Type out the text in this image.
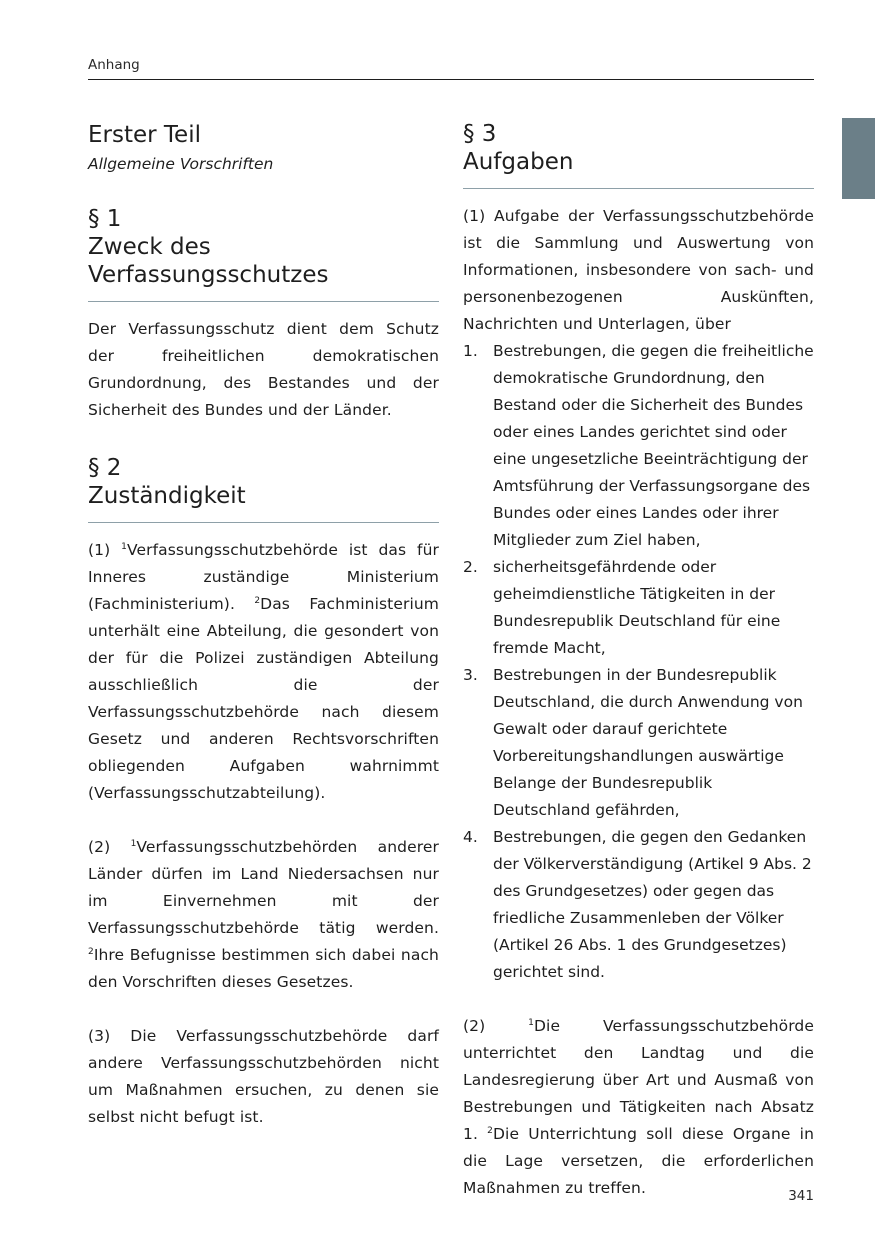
Anhang
Erster Teil

Allgemeine Vorschriften

§ 1
Zweck des Verfassungsschutzes

Der Verfassungsschutz dient dem Schutz der freiheitlichen demokratischen Grundordnung, des Bestandes und der Sicherheit des Bundes und der Länder.

§ 2
Zuständigkeit

(1) $^1$Verfassungsschutzbehörde ist das für Inneres zuständige Ministerium (Fachministerium). $^2$Das Fachministerium unterhält eine Abteilung, die gesondert von der für die Polizei zuständigen Abteilung ausschließlich die der Verfassungsschutzbehörde nach diesem Gesetz und anderen Rechtsvorschriften obliegenden Aufgaben wahrnimmt (Verfassungsschutzabteilung).

(2) $^1$Verfassungsschutzbehörden anderer Länder dürfen im Land Niedersachsen nur im Einvernehmen mit der Verfassungsschutzbehörde tätig werden. $^2$Ihre Befugnisse bestimmen sich dabei nach den Vorschriften dieses Gesetzes.

(3) Die Verfassungsschutzbehörde darf andere Verfassungsschutzbehörden nicht um Maßnahmen ersuchen, zu denen sie selbst nicht befugt ist.

§ 3
Aufgaben

(1) Aufgabe der Verfassungsschutzbehörde ist die Sammlung und Auswertung von Informationen, insbesondere von sach- und personenbezogenen Auskünften, Nachrichten und Unterlagen, über

1. Bestrebungen, die gegen die freiheitliche demokratische Grundordnung, den Bestand oder die Sicherheit des Bundes oder eines Landes gerichtet sind oder eine ungesetzliche Beeinträchtigung der Amtsführung der Verfassungsorgane des Bundes oder eines Landes oder ihrer Mitglieder zum Ziel haben,
2. sicherheitsgefährdende oder geheimdienstliche Tätigkeiten in der Bundesrepublik Deutschland für eine fremde Macht,
3. Bestrebungen in der Bundesrepublik Deutschland, die durch Anwendung von Gewalt oder darauf gerichtete Vorbereitungshandlungen auswärtige Belange der Bundesrepublik Deutschland gefährden,
4. Bestrebungen, die gegen den Gedanken der Völkerverständigung (Artikel 9 Abs. 2 des Grundgesetzes) oder gegen das friedliche Zusammenleben der Völker (Artikel 26 Abs. 1 des Grundgesetzes) gerichtet sind.

(2) $^1$Die Verfassungsschutzbehörde unterrichtet den Landtag und die Landesregierung über Art und Ausmaß von Bestrebungen und Tätigkeiten nach Absatz 1. $^2$Die Unterrichtung soll diese Organe in die Lage versetzen, die erforderlichen Maßnahmen zu treffen.	341
